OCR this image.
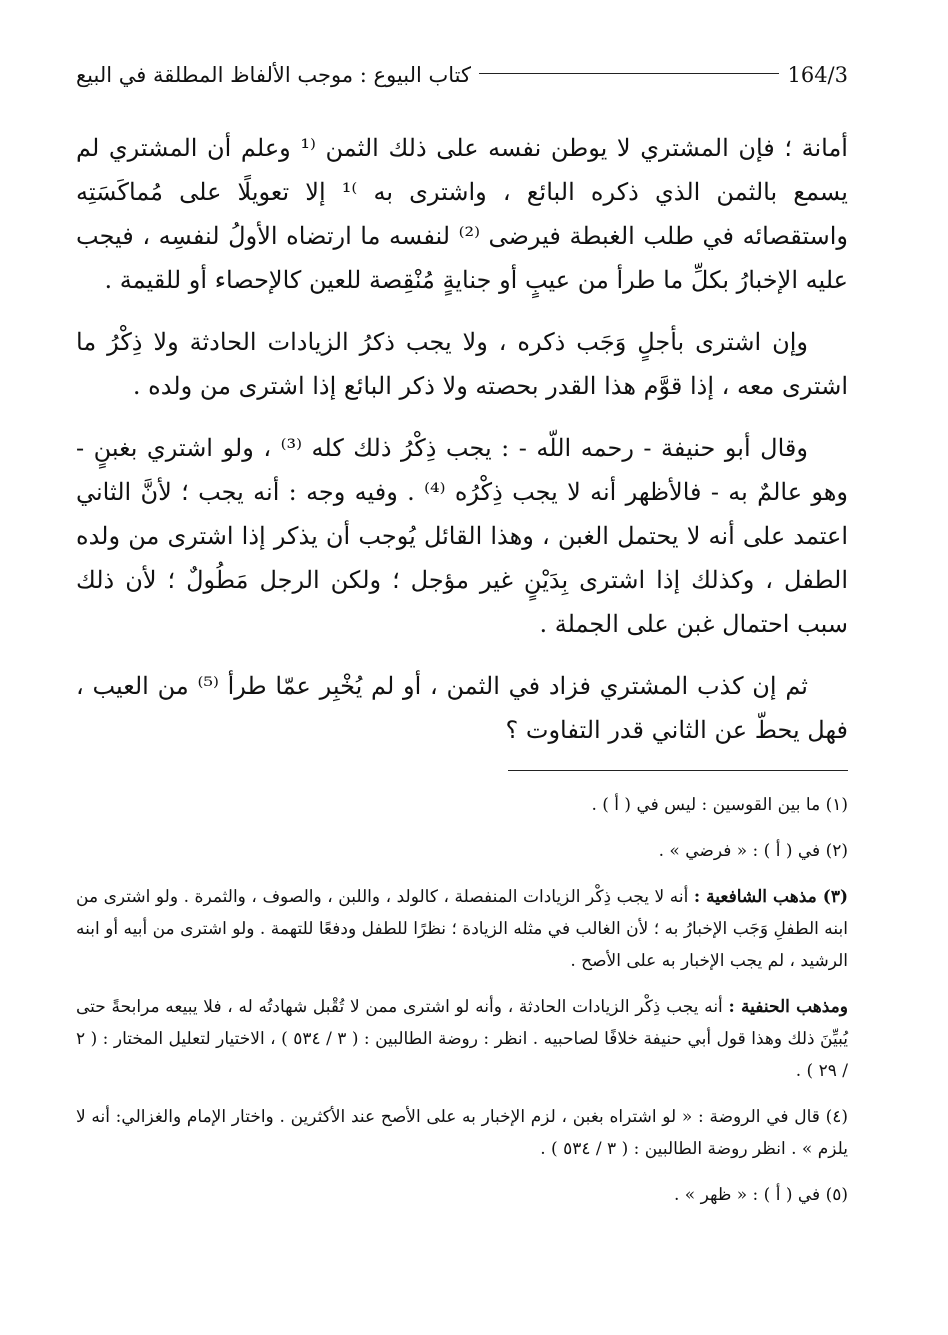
164/3
كتاب البيوع : موجب الألفاظ المطلقة في البيع

أمانة ؛ فإن المشتري لا يوطن نفسه على ذلك الثمن ⁽¹ وعلم أن المشتري لم يسمع بالثمن الذي ذكره البائع ، واشترى به ⁾¹ إلا تعويلًا على مُماكَسَتِه واستقصائه في طلب الغبطة فيرضى ⁽²⁾ لنفسه ما ارتضاه الأولُ لنفسِه ، فيجب عليه الإخبارُ بكلِّ ما طرأ من عيبٍ أو جنايةٍ مُنْقِصة للعين كالإحصاء أو للقيمة .

وإن اشترى بأجلٍ وَجَب ذكره ، ولا يجب ذكرُ الزيادات الحادثة ولا ذِكْرُ ما اشترى معه ، إذا قوَّم هذا القدر بحصته ولا ذكر البائع إذا اشترى من ولده .

وقال أبو حنيفة - رحمه اللّه - : يجب ذِكْرُ ذلك كله ⁽³⁾ ، ولو اشتري بغبنٍ - وهو عالمٌ به - فالأظهر أنه لا يجب ذِكْرُه ⁽⁴⁾ . وفيه وجه : أنه يجب ؛ لأنَّ الثاني اعتمد على أنه لا يحتمل الغبن ، وهذا القائل يُوجب أن يذكر إذا اشترى من ولده الطفل ، وكذلك إذا اشترى بِدَيْنٍ غير مؤجل ؛ ولكن الرجل مَطُولٌ ؛ لأن ذلك سبب احتمال غبن على الجملة .

ثم إن كذب المشتري فزاد في الثمن ، أو لم يُخْبِر عمّا طرأ ⁽⁵⁾ من العيب ، فهل يحطّ عن الثاني قدر التفاوت ؟

(١) ما بين القوسين : ليس في ( أ ) .

(٢) في ( أ ) : « فرضي » .

(٣) مذهب الشافعية : أنه لا يجب ذِكْر الزيادات المنفصلة ، كالولد ، واللبن ، والصوف ، والثمرة . ولو اشترى من ابنه الطفلِ وَجَب الإخبارُ به ؛ لأن الغالب في مثله الزيادة ؛ نظرًا للطفل ودفعًا للتهمة . ولو اشترى من أبيه أو ابنه الرشيد ، لم يجب الإخبار به على الأصح .

ومذهب الحنفية : أنه يجب ذِكْر الزيادات الحادثة ، وأنه لو اشترى ممن لا تُقْبل شهادتُه له ، فلا يبيعه مرابحةً حتى يُبيِّنَ ذلك وهذا قول أبي حنيفة خلافًا لصاحبيه . انظر : روضة الطالبين : ( ٣ / ٥٣٤ ) ، الاختيار لتعليل المختار : ( ٢ / ٢٩ ) .

(٤) قال في الروضة : « لو اشتراه بغبن ، لزم الإخبار به على الأصح عند الأكثرين . واختار الإمام والغزالي: أنه لا يلزم » . انظر روضة الطالبين : ( ٣ / ٥٣٤ ) .

(٥) في ( أ ) : « ظهر » .
